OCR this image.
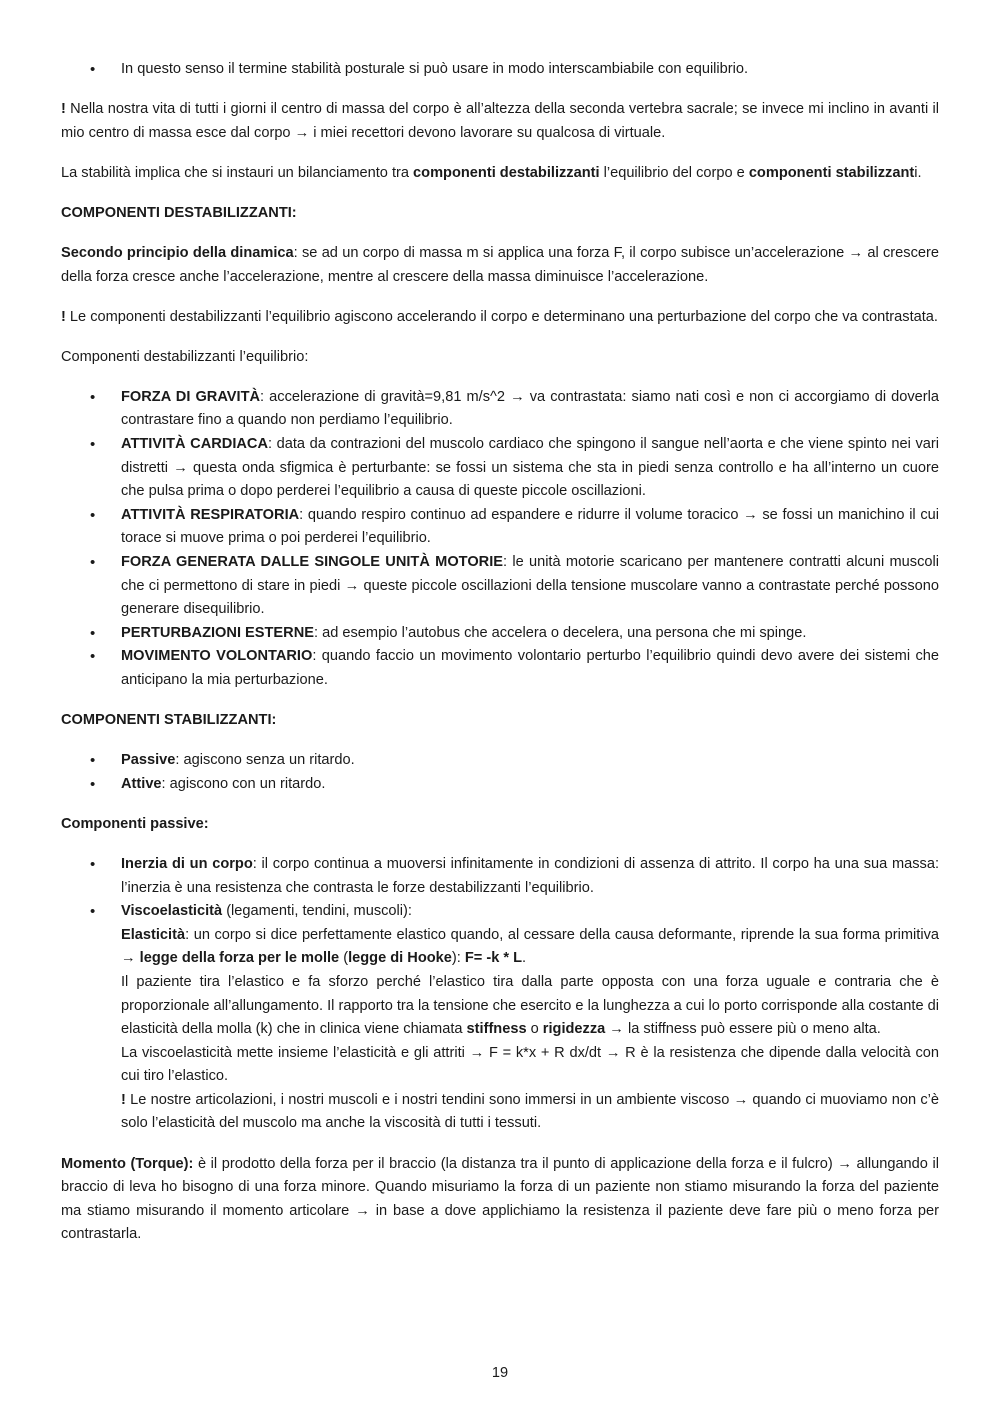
• In questo senso il termine stabilità posturale si può usare in modo interscambiabile con equilibrio.

! Nella nostra vita di tutti i giorni il centro di massa del corpo è all’altezza della seconda vertebra sacrale; se invece mi inclino in avanti il mio centro di massa esce dal corpo → i miei recettori devono lavorare su qualcosa di virtuale.

La stabilità implica che si instauri un bilanciamento tra componenti destabilizzanti l’equilibrio del corpo e componenti stabilizzanti.

COMPONENTI DESTABILIZZANTI:

Secondo principio della dinamica: se ad un corpo di massa m si applica una forza F, il corpo subisce un’accelerazione → al crescere della forza cresce anche l’accelerazione, mentre al crescere della massa diminuisce l’accelerazione.

! Le componenti destabilizzanti l’equilibrio agiscono accelerando il corpo e determinano una perturbazione del corpo che va contrastata.

Componenti destabilizzanti l’equilibrio:

• FORZA DI GRAVITÀ: accelerazione di gravità=9,81 m/s^2 → va contrastata: siamo nati così e non ci accorgiamo di doverla contrastare fino a quando non perdiamo l’equilibrio.
• ATTIVITÀ CARDIACA: data da contrazioni del muscolo cardiaco che spingono il sangue nell’aorta e che viene spinto nei vari distretti → questa onda sfigmica è perturbante: se fossi un sistema che sta in piedi senza controllo e ha all’interno un cuore che pulsa prima o dopo perderei l’equilibrio a causa di queste piccole oscillazioni.
• ATTIVITÀ RESPIRATORIA: quando respiro continuo ad espandere e ridurre il volume toracico → se fossi un manichino il cui torace si muove prima o poi perderei l’equilibrio.
• FORZA GENERATA DALLE SINGOLE UNITÀ MOTORIE: le unità motorie scaricano per mantenere contratti alcuni muscoli che ci permettono di stare in piedi → queste piccole oscillazioni della tensione muscolare vanno a contrastate perché possono generare disequilibrio.
• PERTURBAZIONI ESTERNE: ad esempio l’autobus che accelera o decelera, una persona che mi spinge.
• MOVIMENTO VOLONTARIO: quando faccio un movimento volontario perturbo l’equilibrio quindi devo avere dei sistemi che anticipano la mia perturbazione.

COMPONENTI STABILIZZANTI:

• Passive: agiscono senza un ritardo.
• Attive: agiscono con un ritardo.

Componenti passive:

• Inerzia di un corpo: il corpo continua a muoversi infinitamente in condizioni di assenza di attrito. Il corpo ha una sua massa: l’inerzia è una resistenza che contrasta le forze destabilizzanti l’equilibrio.
• Viscoelasticità (legamenti, tendini, muscoli):
Elasticità: un corpo si dice perfettamente elastico quando, al cessare della causa deformante, riprende la sua forma primitiva → legge della forza per le molle (legge di Hooke): F= -k * L.
Il paziente tira l’elastico e fa sforzo perché l’elastico tira dalla parte opposta con una forza uguale e contraria che è proporzionale all’allungamento. Il rapporto tra la tensione che esercito e la lunghezza a cui lo porto corrisponde alla costante di elasticità della molla (k) che in clinica viene chiamata stiffness o rigidezza → la stiffness può essere più o meno alta.
La viscoelasticità mette insieme l’elasticità e gli attriti → F = k*x + R dx/dt → R è la resistenza che dipende dalla velocità con cui tiro l’elastico.
! Le nostre articolazioni, i nostri muscoli e i nostri tendini sono immersi in un ambiente viscoso → quando ci muoviamo non c’è solo l’elasticità del muscolo ma anche la viscosità di tutti i tessuti.

Momento (Torque): è il prodotto della forza per il braccio (la distanza tra il punto di applicazione della forza e il fulcro) → allungando il braccio di leva ho bisogno di una forza minore. Quando misuriamo la forza di un paziente non stiamo misurando la forza del paziente ma stiamo misurando il momento articolare → in base a dove applichiamo la resistenza il paziente deve fare più o meno forza per contrastarla.

19
